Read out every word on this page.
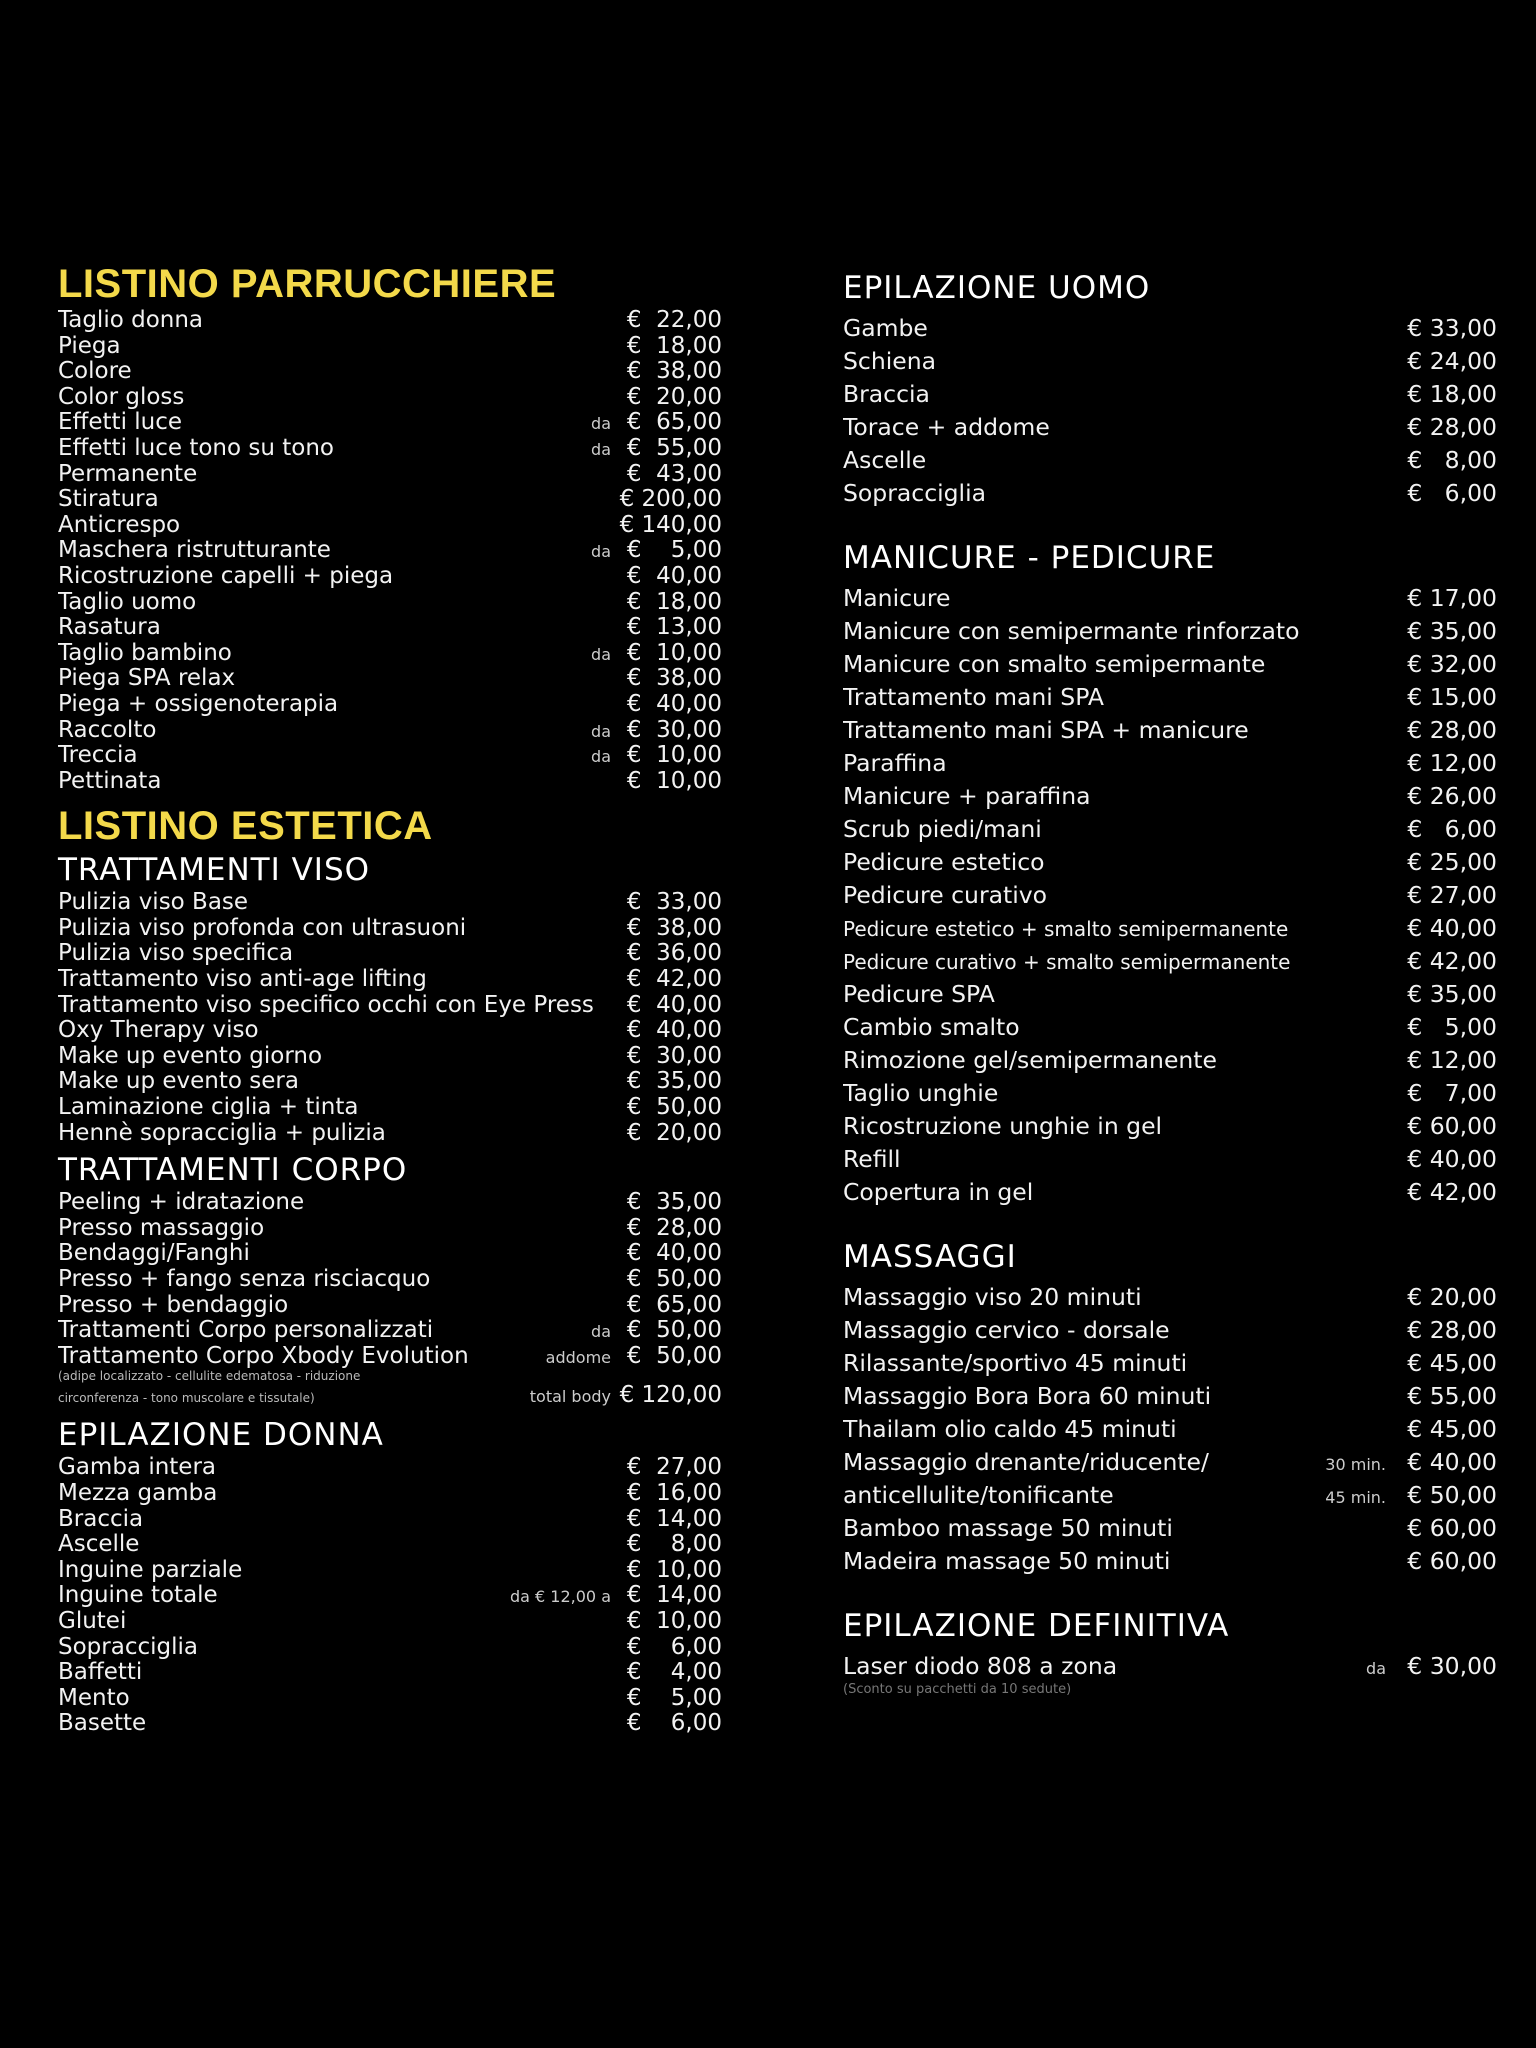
LISTINO PARRUCCHIERE
Taglio donna	€  22,00
Piega	€  18,00
Colore	€  38,00
Color gloss	€  20,00
Effetti luce	da €  65,00
Effetti luce tono su tono	da €  55,00
Permanente	€  43,00
Stiratura	€ 200,00
Anticrespo	€ 140,00
Maschera ristrutturante	da €    5,00
Ricostruzione capelli + piega	€  40,00
Taglio uomo	€  18,00
Rasatura	€  13,00
Taglio bambino	da €  10,00
Piega SPA relax	€  38,00
Piega + ossigenoterapia	€  40,00
Raccolto	da €  30,00
Treccia	da €  10,00
Pettinata	€  10,00
LISTINO ESTETICA
TRATTAMENTI VISO
Pulizia viso Base	€  33,00
Pulizia viso profonda con ultrasuoni	€  38,00
Pulizia viso specifica	€  36,00
Trattamento viso anti-age lifting	€  42,00
Trattamento viso specifico occhi con Eye Press	€  40,00
Oxy Therapy viso	€  40,00
Make up evento giorno	€  30,00
Make up evento sera	€  35,00
Laminazione ciglia + tinta	€  50,00
Hennè sopracciglia + pulizia	€  20,00
TRATTAMENTI CORPO
Peeling + idratazione	€  35,00
Presso massaggio	€  28,00
Bendaggi/Fanghi	€  40,00
Presso + fango senza risciacquo	€  50,00
Presso + bendaggio	€  65,00
Trattamenti Corpo personalizzati	da €  50,00
Trattamento Corpo Xbody Evolution	addome €  50,00
(adipe localizzato - cellulite edematosa - riduzione
circonferenza - tono muscolare e tissutale)	total body € 120,00
EPILAZIONE DONNA
Gamba intera	€  27,00
Mezza gamba	€  16,00
Braccia	€  14,00
Ascelle	€    8,00
Inguine parziale	€  10,00
Inguine totale	da € 12,00 a €  14,00
Glutei	€  10,00
Sopracciglia	€    6,00
Baffetti	€    4,00
Mento	€    5,00
Basette	€    6,00
EPILAZIONE UOMO
Gambe	€ 33,00
Schiena	€ 24,00
Braccia	€ 18,00
Torace + addome	€ 28,00
Ascelle	€   8,00
Sopracciglia	€   6,00
MANICURE - PEDICURE
Manicure	€ 17,00
Manicure con semipermante rinforzato	€ 35,00
Manicure con smalto semipermante	€ 32,00
Trattamento mani SPA	€ 15,00
Trattamento mani SPA + manicure	€ 28,00
Paraffina	€ 12,00
Manicure + paraffina	€ 26,00
Scrub piedi/mani	€   6,00
Pedicure estetico	€ 25,00
Pedicure curativo	€ 27,00
Pedicure estetico + smalto semipermanente	€ 40,00
Pedicure curativo + smalto semipermanente	€ 42,00
Pedicure SPA	€ 35,00
Cambio smalto	€   5,00
Rimozione gel/semipermanente	€ 12,00
Taglio unghie	€   7,00
Ricostruzione unghie in gel	€ 60,00
Refill	€ 40,00
Copertura in gel	€ 42,00
MASSAGGI
Massaggio viso 20 minuti	€ 20,00
Massaggio cervico - dorsale	€ 28,00
Rilassante/sportivo 45 minuti	€ 45,00
Massaggio Bora Bora 60 minuti	€ 55,00
Thailam olio caldo 45 minuti	€ 45,00
Massaggio drenante/riducente/	30 min. € 40,00
anticellulite/tonificante	45 min. € 50,00
Bamboo massage 50 minuti	€ 60,00
Madeira massage 50 minuti	€ 60,00
EPILAZIONE DEFINITIVA
Laser diodo 808 a zona	da € 30,00
(Sconto su pacchetti da 10 sedute)
